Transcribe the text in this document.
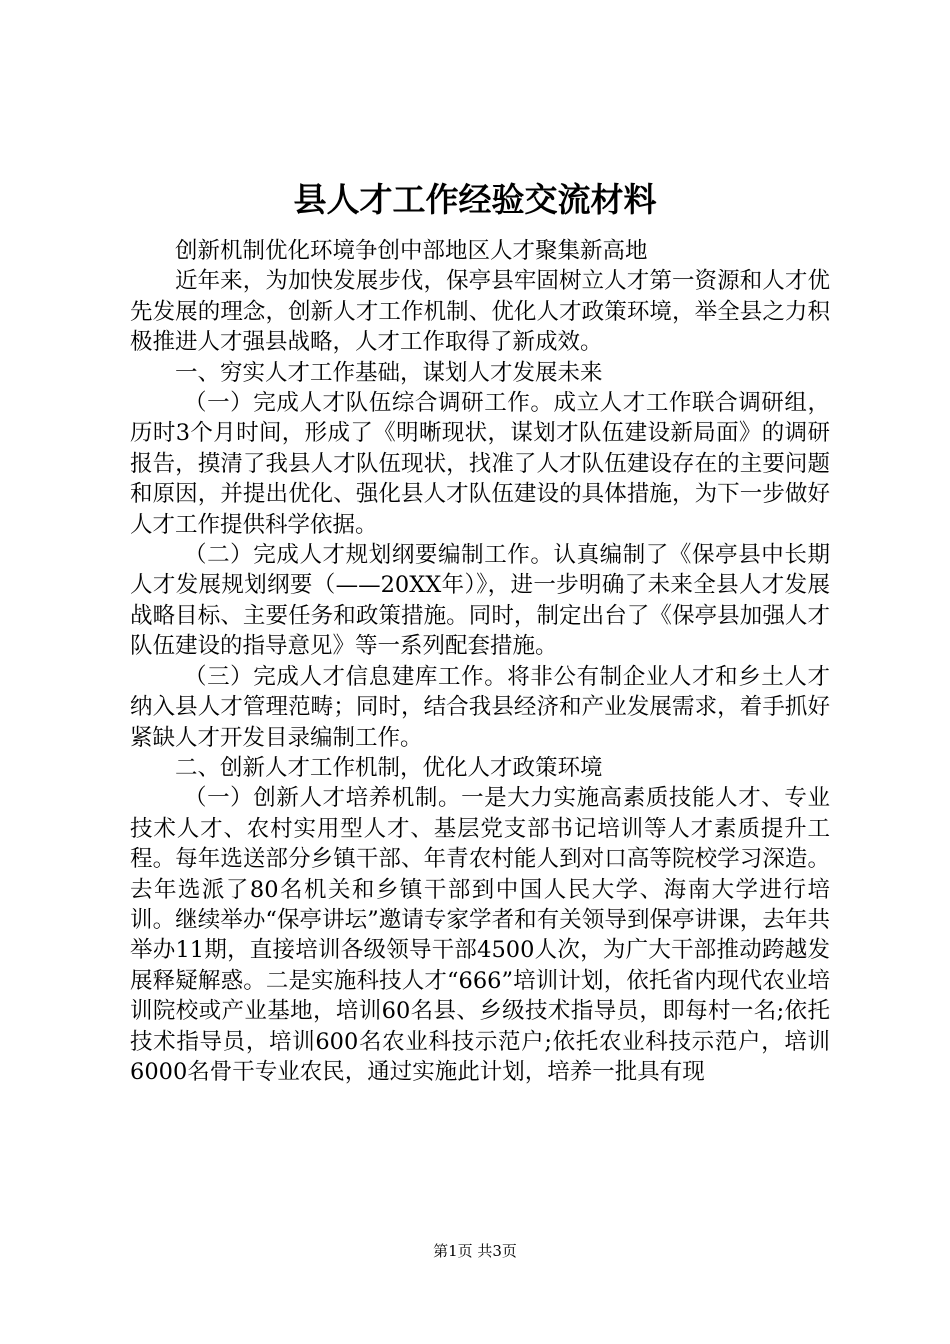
县人才工作经验交流材料

创新机制优化环境争创中部地区人才聚集新高地

近年来，为加快发展步伐，保亭县牢固树立人才第一资源和人才优先发展的理念，创新人才工作机制、优化人才政策环境，举全县之力积极推进人才强县战略，人才工作取得了新成效。

一、穷实人才工作基础，谋划人才发展未来

（一）完成人才队伍综合调研工作。成立人才工作联合调研组，历时3个月时间，形成了《明晰现状，谋划才队伍建设新局面》的调研报告，摸清了我县人才队伍现状，找准了人才队伍建设存在的主要问题和原因，并提出优化、强化县人才队伍建设的具体措施，为下一步做好人才工作提供科学依据。

（二）完成人才规划纲要编制工作。认真编制了《保亭县中长期人才发展规划纲要（——20XX年）》，进一步明确了未来全县人才发展战略目标、主要任务和政策措施。同时，制定出台了《保亭县加强人才队伍建设的指导意见》等一系列配套措施。

（三）完成人才信息建库工作。将非公有制企业人才和乡土人才纳入县人才管理范畴；同时，结合我县经济和产业发展需求，着手抓好紧缺人才开发目录编制工作。

二、创新人才工作机制，优化人才政策环境

（一）创新人才培养机制。一是大力实施高素质技能人才、专业技术人才、农村实用型人才、基层党支部书记培训等人才素质提升工程。每年选送部分乡镇干部、年青农村能人到对口高等院校学习深造。去年选派了80名机关和乡镇干部到中国人民大学、海南大学进行培训。继续举办“保亭讲坛”邀请专家学者和有关领导到保亭讲课，去年共举办11期，直接培训各级领导干部4500人次，为广大干部推动跨越发展释疑解惑。二是实施科技人才“666”培训计划，依托省内现代农业培训院校或产业基地，培训60名县、乡级技术指导员，即每村一名;依托技术指导员，培训600名农业科技示范户;依托农业科技示范户，培训6000名骨干专业农民，通过实施此计划，培养一批具有现

第1页 共3页
